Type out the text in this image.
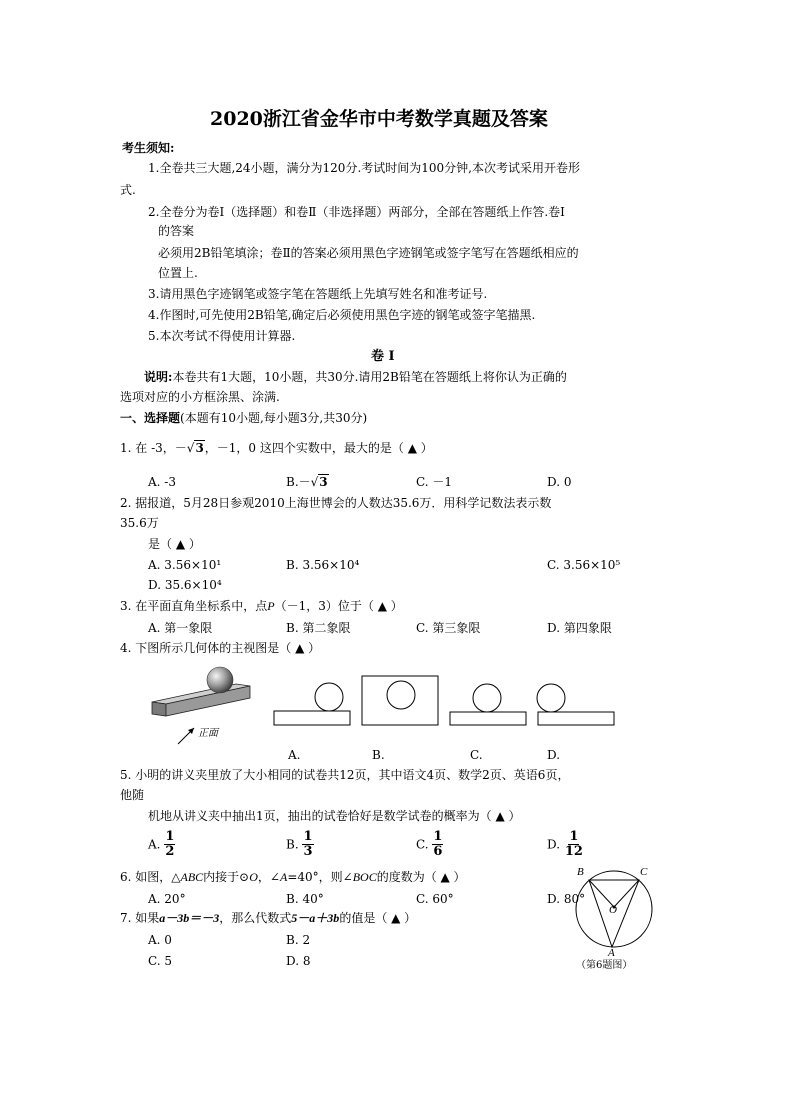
2020浙江省金华市中考数学真题及答案
考生须知:
1.全卷共三大题,24小题，满分为120分.考试时间为100分钟,本次考试采用开卷形
式.
2.全卷分为卷Ⅰ（选择题）和卷Ⅱ（非选择题）两部分，全部在答题纸上作答.卷Ⅰ
的答案
必须用2B铅笔填涂；卷Ⅱ的答案必须用黑色字迹钢笔或签字笔写在答题纸相应的
位置上.
3.请用黑色字迹钢笔或签字笔在答题纸上先填写姓名和准考证号.
4.作图时,可先使用2B铅笔,确定后必须使用黑色字迹的钢笔或签字笔描黑.
5.本次考试不得使用计算器.
卷 Ⅰ
说明:本卷共有1大题，10小题，共30分.请用2B铅笔在答题纸上将你认为正确的
选项对应的小方框涂黑、涂满.
一、选择题(本题有10小题,每小题3分,共30分)
1. 在 -3，－√3，－1，0 这四个实数中，最大的是（ ▲ ）
A. -3	B.－√3	C. －1	D. 0
2. 据报道，5月28日参观2010上海世博会的人数达35.6万．用科学记数法表示数
35.6万
是（ ▲ ）
A. 3.56×10¹	B. 3.56×10⁴	C. 3.56×10⁵
D. 35.6×10⁴
3. 在平面直角坐标系中，点P（－1，3）位于（ ▲ ）
A. 第一象限	B. 第二象限	C. 第三象限	D. 第四象限
4. 下图所示几何体的主视图是（ ▲ ）
正面
A.	B.	C.	D.
5. 小明的讲义夹里放了大小相同的试卷共12页，其中语文4页、数学2页、英语6页，
他随
机地从讲义夹中抽出1页，抽出的试卷恰好是数学试卷的概率为（ ▲ ）
A. $\frac{1}{2}$	B. $\frac{1}{3}$	C. $\frac{1}{6}$	D. $\frac{1}{12}$
6. 如图，△ABC内接于⊙O，∠A=40°，则∠BOC的度数为（ ▲ ）
A. 20°	B. 40°	C. 60°	D. 80°
B	C
O
A
（第6题图）
7. 如果a－3b＝－3，那么代数式5－a＋3b的值是（ ▲ ）
A. 0	B. 2
C. 5	D. 8
